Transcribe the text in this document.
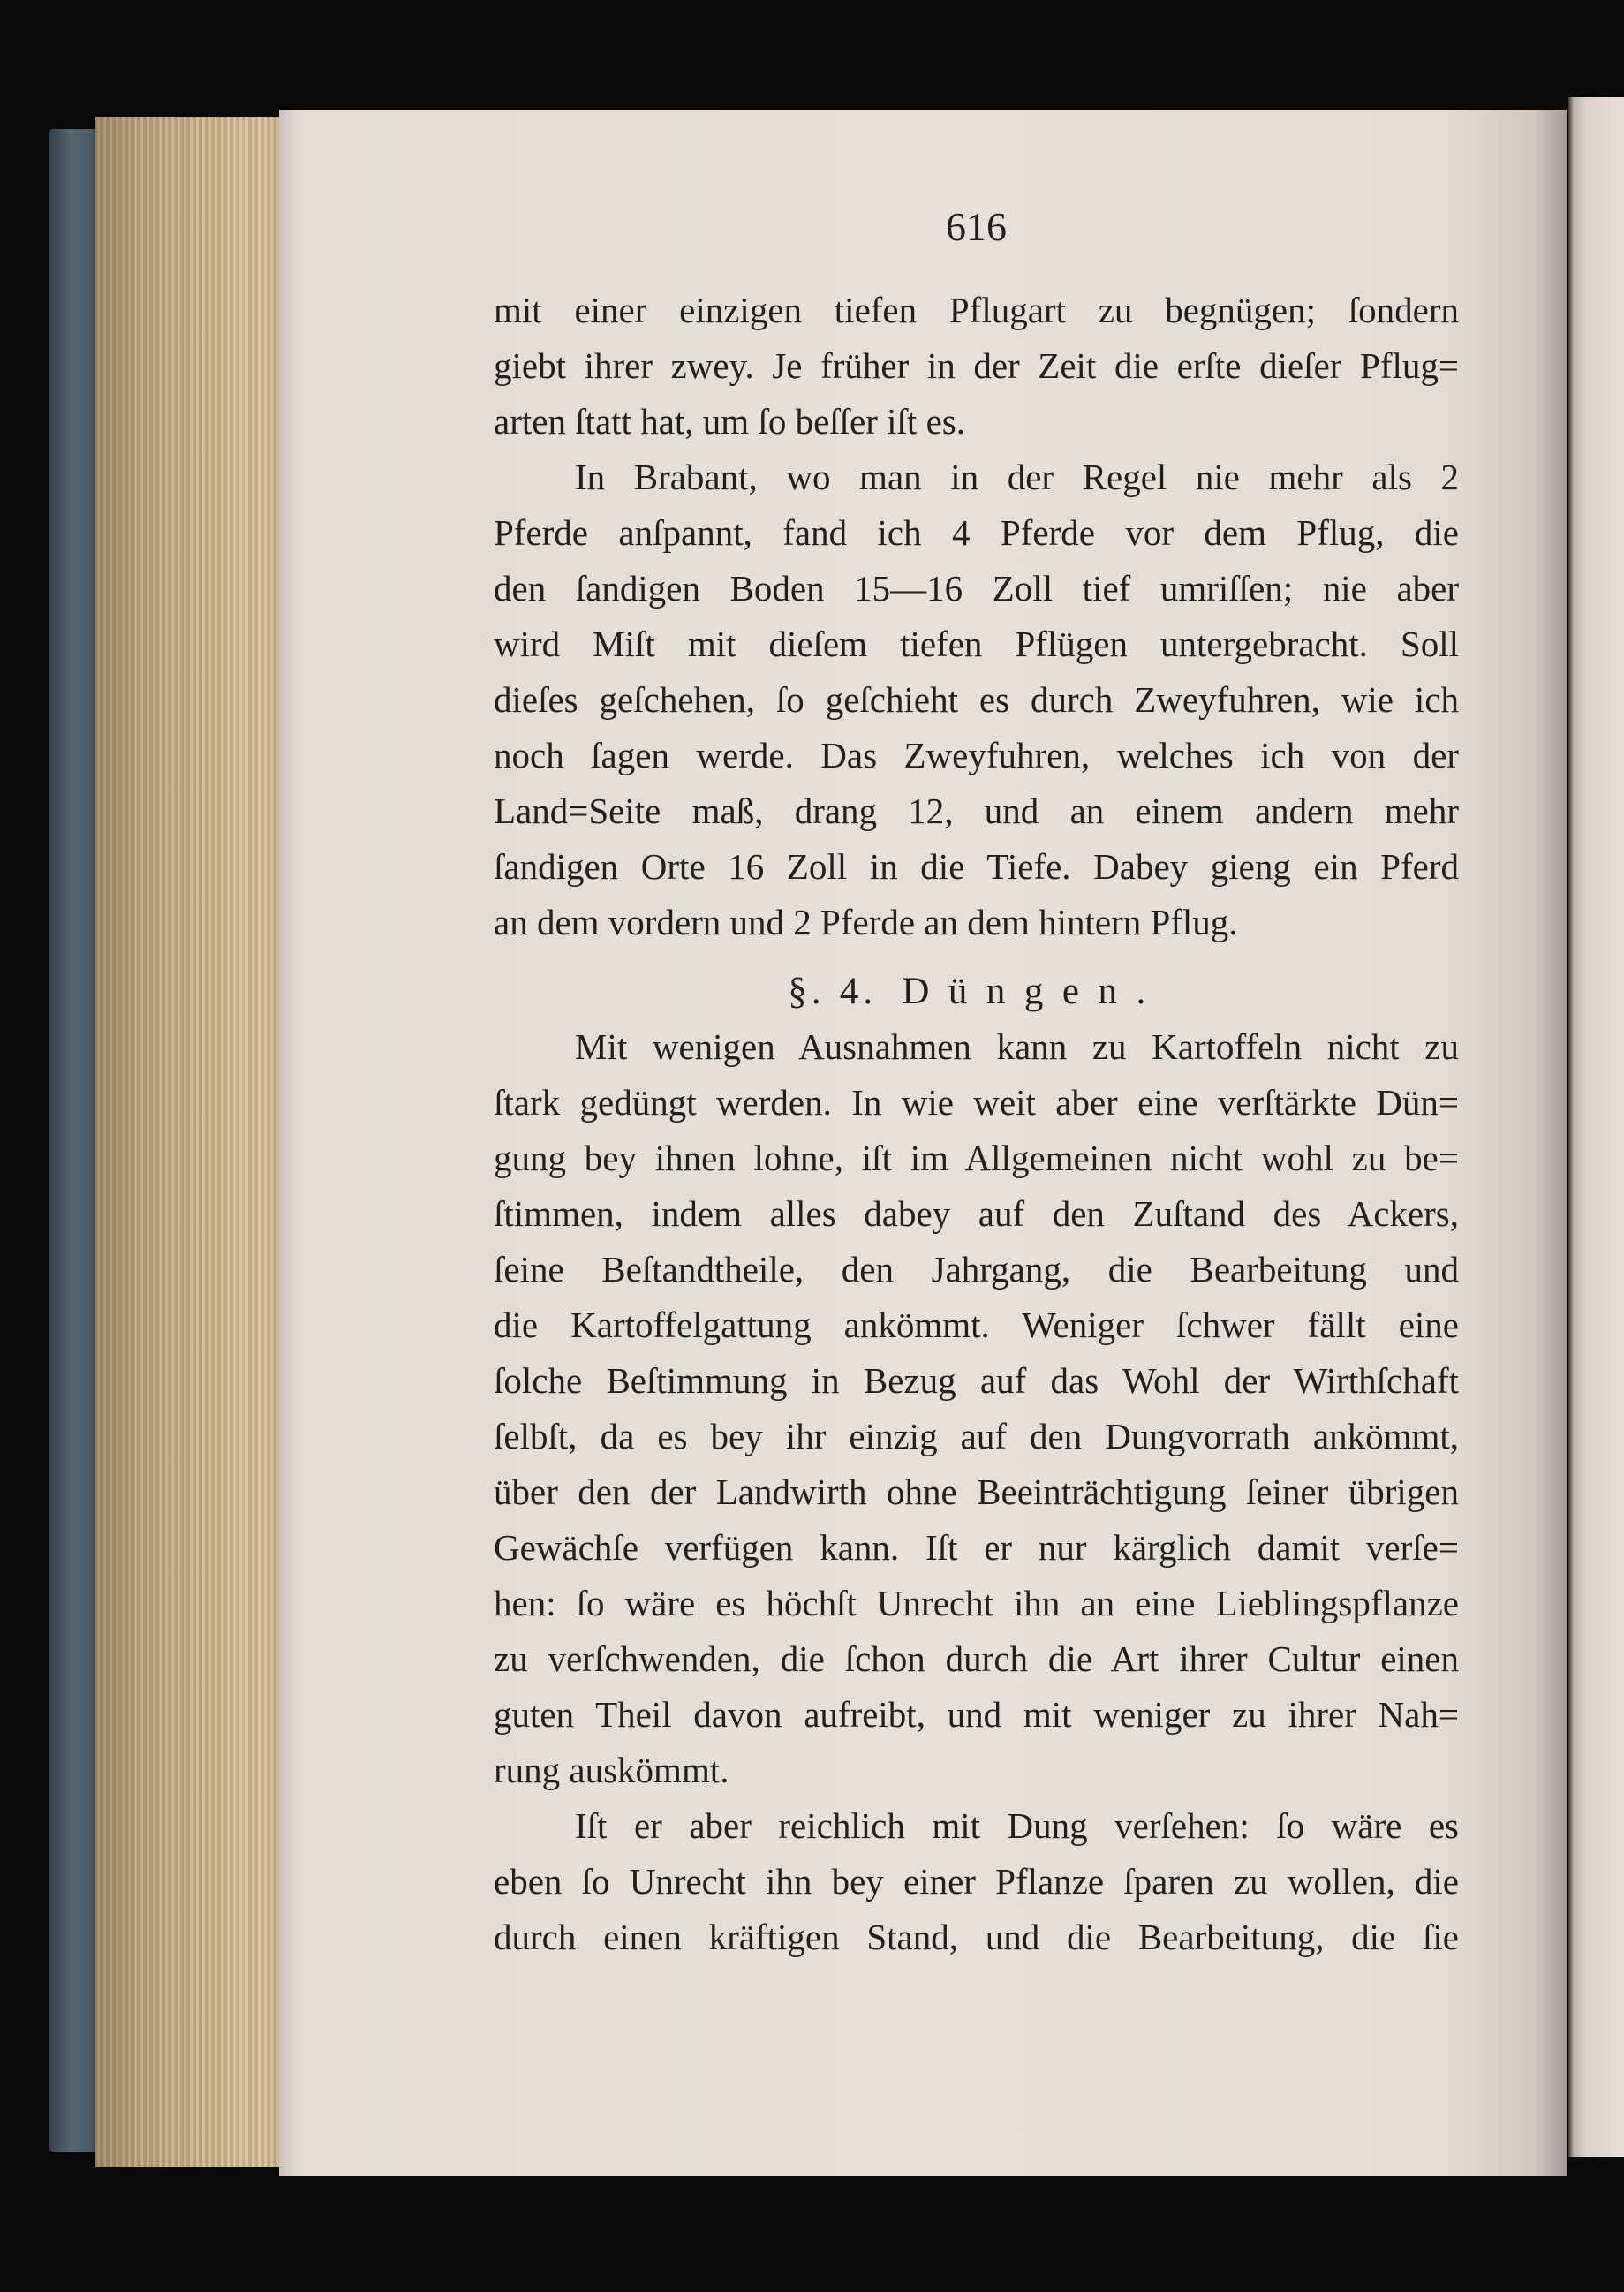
616
mit einer einzigen tiefen Pflugart zu begnügen; ſondern
giebt ihrer zwey. Je früher in der Zeit die erſte dieſer Pflug=
arten ſtatt hat, um ſo beſſer iſt es.
In Brabant, wo man in der Regel nie mehr als 2
Pferde anſpannt, fand ich 4 Pferde vor dem Pflug, die
den ſandigen Boden 15—16 Zoll tief umriſſen; nie aber
wird Miſt mit dieſem tiefen Pflügen untergebracht. Soll
dieſes geſchehen, ſo geſchieht es durch Zweyfuhren, wie ich
noch ſagen werde. Das Zweyfuhren, welches ich von der
Land=Seite maß, drang 12, und an einem andern mehr
ſandigen Orte 16 Zoll in die Tiefe. Dabey gieng ein Pferd
an dem vordern und 2 Pferde an dem hintern Pflug.
§. 4. Düngen.
Mit wenigen Ausnahmen kann zu Kartoffeln nicht zu
ſtark gedüngt werden. In wie weit aber eine verſtärkte Dün=
gung bey ihnen lohne, iſt im Allgemeinen nicht wohl zu be=
ſtimmen, indem alles dabey auf den Zuſtand des Ackers,
ſeine Beſtandtheile, den Jahrgang, die Bearbeitung und
die Kartoffelgattung ankömmt. Weniger ſchwer fällt eine
ſolche Beſtimmung in Bezug auf das Wohl der Wirthſchaft
ſelbſt, da es bey ihr einzig auf den Dungvorrath ankömmt,
über den der Landwirth ohne Beeinträchtigung ſeiner übrigen
Gewächſe verfügen kann. Iſt er nur kärglich damit verſe=
hen: ſo wäre es höchſt Unrecht ihn an eine Lieblingspflanze
zu verſchwenden, die ſchon durch die Art ihrer Cultur einen
guten Theil davon aufreibt, und mit weniger zu ihrer Nah=
rung auskömmt.
Iſt er aber reichlich mit Dung verſehen: ſo wäre es
eben ſo Unrecht ihn bey einer Pflanze ſparen zu wollen, die
durch einen kräftigen Stand, und die Bearbeitung, die ſie
